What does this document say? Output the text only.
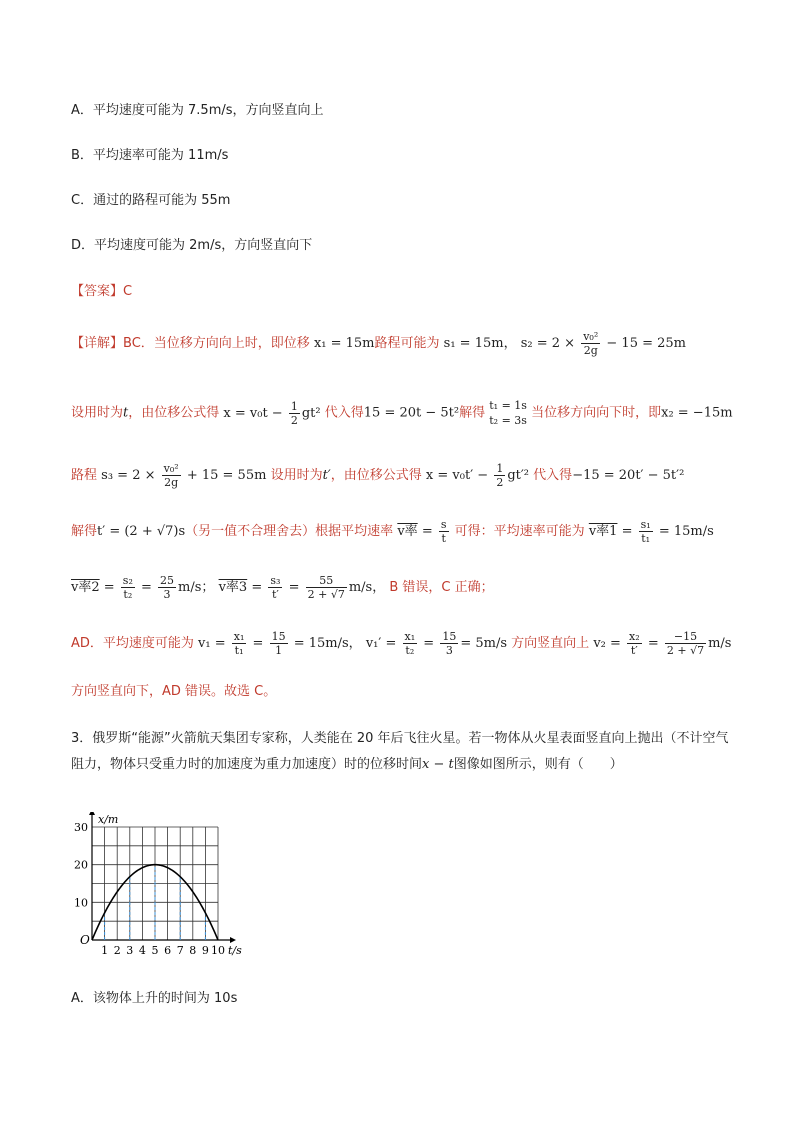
A．平均速度可能为 7.5m/s，方向竖直向上
B．平均速率可能为 11m/s
C．通过的路程可能为 55m
D．平均速度可能为 2m/s，方向竖直向下
【答案】C
【详解】BC．当位移方向向上时，即位移 x₁ = 15m路程可能为 s₁ = 15m， $s_2 = 2 \times \frac{\text{v₀²}}{2g} - 15 = 25m$
设用时为t，由位移公式得 $x = v_0t - \frac{1}{2} gt^2$ 代入得15 = 20t − 5t²解得 t₁ = 1s
t₂ = 3s 当位移方向向下时，即x₂ = −15m
路程 $s_3 = 2 \times \frac{\text{v₀²}}{2g} + 15 = 55m$ 设用时为t′，由位移公式得 $x = v_0t' - \frac{1}{2} gt'^2$ 代入得−15 = 20t′ − 5t′²
解得t′ = (2 + √7)s（另一值不合理舍去）根据平均速率 v率 = $\frac{s}{t}$ 可得：平均速率可能为 v率$1 = \frac{\text{s₁}}{\text{t₁}} = 15m/s$
v率$2 = \frac{\text{s₂}}{\text{t₂}} = \frac{25}{3} m/s$； v率$3 = \frac{\text{s₃}}{t'} = \frac{55}{2 + √7} m/s$， B 错误，C 正确；
AD．平均速度可能为 $v_1 = \frac{\text{x₁}}{\text{t₁}} = \frac{15}{1} = 15m/s$， $v_1' = \frac{\text{x₁}}{\text{t₂}} = \frac{15}{3} = 5m/s$ 方向竖直向上 $v_2 = \frac{\text{x₂}}{t'} = \frac{-15}{2 + √7} m/s$
方向竖直向下，AD 错误。故选 C。
3．俄罗斯“能源”火箭航天集团专家称，人类能在 20 年后飞往火星。若一物体从火星表面竖直向上抛出（不计空气阻力，物体只受重力时的加速度为重力加速度）时的位移时间x − t图像如图所示，则有（　　）
1 2 3 4 5 6 7 8 9 10
10
20
30
O
x/m
t/s
A．该物体上升的时间为 10s
